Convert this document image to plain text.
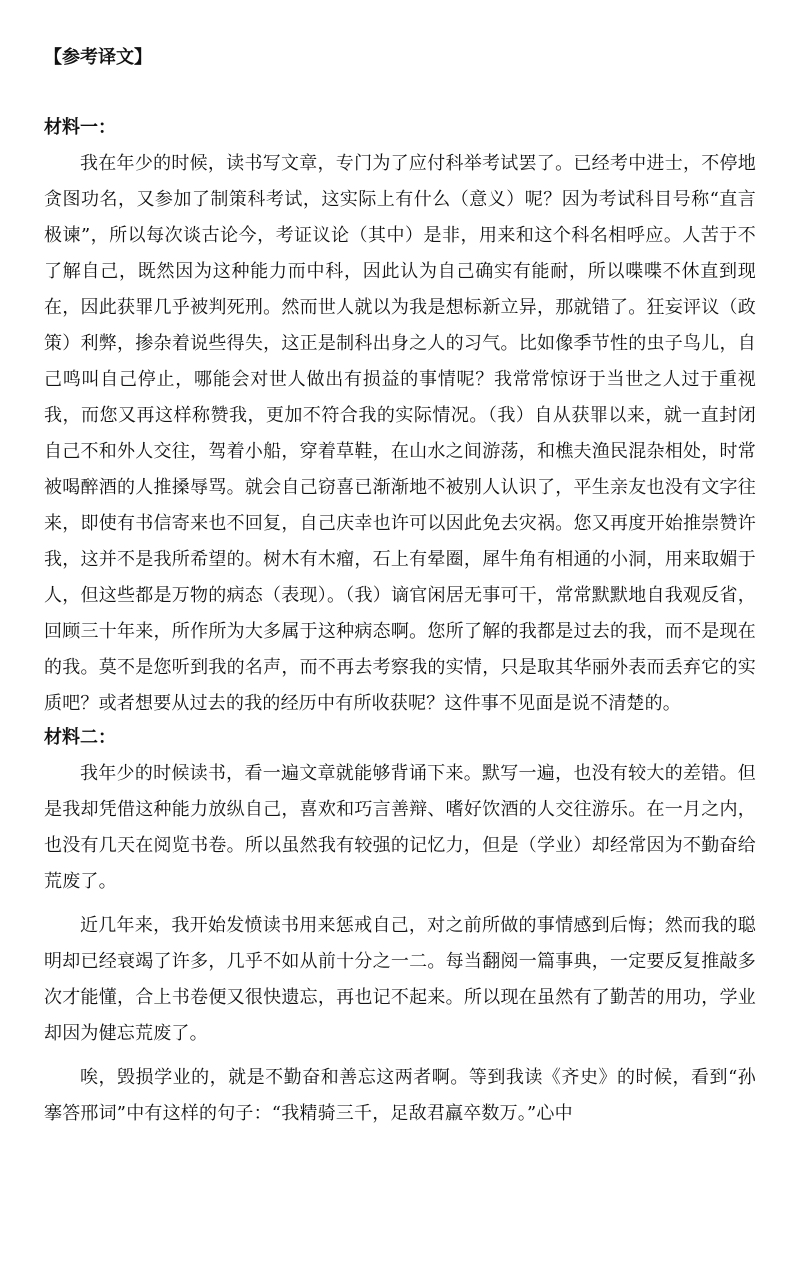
【参考译文】
材料一：

我在年少的时候，读书写文章，专门为了应付科举考试罢了。已经考中进士，不停地贪图功名，又参加了制策科考试，这实际上有什么（意义）呢？因为考试科目号称“直言极谏”，所以每次谈古论今，考证议论（其中）是非，用来和这个科名相呼应。人苦于不了解自己，既然因为这种能力而中科，因此认为自己确实有能耐，所以喋喋不休直到现在，因此获罪几乎被判死刑。然而世人就以为我是想标新立异，那就错了。狂妄评议（政策）利弊，掺杂着说些得失，这正是制科出身之人的习气。比如像季节性的虫子鸟儿，自己鸣叫自己停止，哪能会对世人做出有损益的事情呢？我常常惊讶于当世之人过于重视我，而您又再这样称赞我，更加不符合我的实际情况。（我）自从获罪以来，就一直封闭自己不和外人交往，驾着小船，穿着草鞋，在山水之间游荡，和樵夫渔民混杂相处，时常被喝醉酒的人推搡辱骂。就会自己窃喜已渐渐地不被别人认识了，平生亲友也没有文字往来，即使有书信寄来也不回复，自己庆幸也许可以因此免去灾祸。您又再度开始推崇赞许我，这并不是我所希望的。树木有木瘤，石上有晕圈，犀牛角有相通的小洞，用来取媚于人，但这些都是万物的病态（表现）。（我）谪官闲居无事可干，常常默默地自我观反省，回顾三十年来，所作所为大多属于这种病态啊。您所了解的我都是过去的我，而不是现在的我。莫不是您听到我的名声，而不再去考察我的实情，只是取其华丽外表而丢弃它的实质吧？或者想要从过去的我的经历中有所收获呢？这件事不见面是说不清楚的。

材料二：

我年少的时候读书，看一遍文章就能够背诵下来。默写一遍，也没有较大的差错。但是我却凭借这种能力放纵自己，喜欢和巧言善辩、嗜好饮酒的人交往游乐。在一月之内，也没有几天在阅览书卷。所以虽然我有较强的记忆力，但是（学业）却经常因为不勤奋给荒废了。

近几年来，我开始发愤读书用来惩戒自己，对之前所做的事情感到后悔；然而我的聪明却已经衰竭了许多，几乎不如从前十分之一二。每当翻阅一篇事典，一定要反复推敲多次才能懂，合上书卷便又很快遗忘，再也记不起来。所以现在虽然有了勤苦的用功，学业却因为健忘荒废了。

唉，毁损学业的，就是不勤奋和善忘这两者啊。等到我读《齐史》的时候，看到“孙搴答邢词”中有这样的句子：“我精骑三千，足敌君羸卒数万。”心中
